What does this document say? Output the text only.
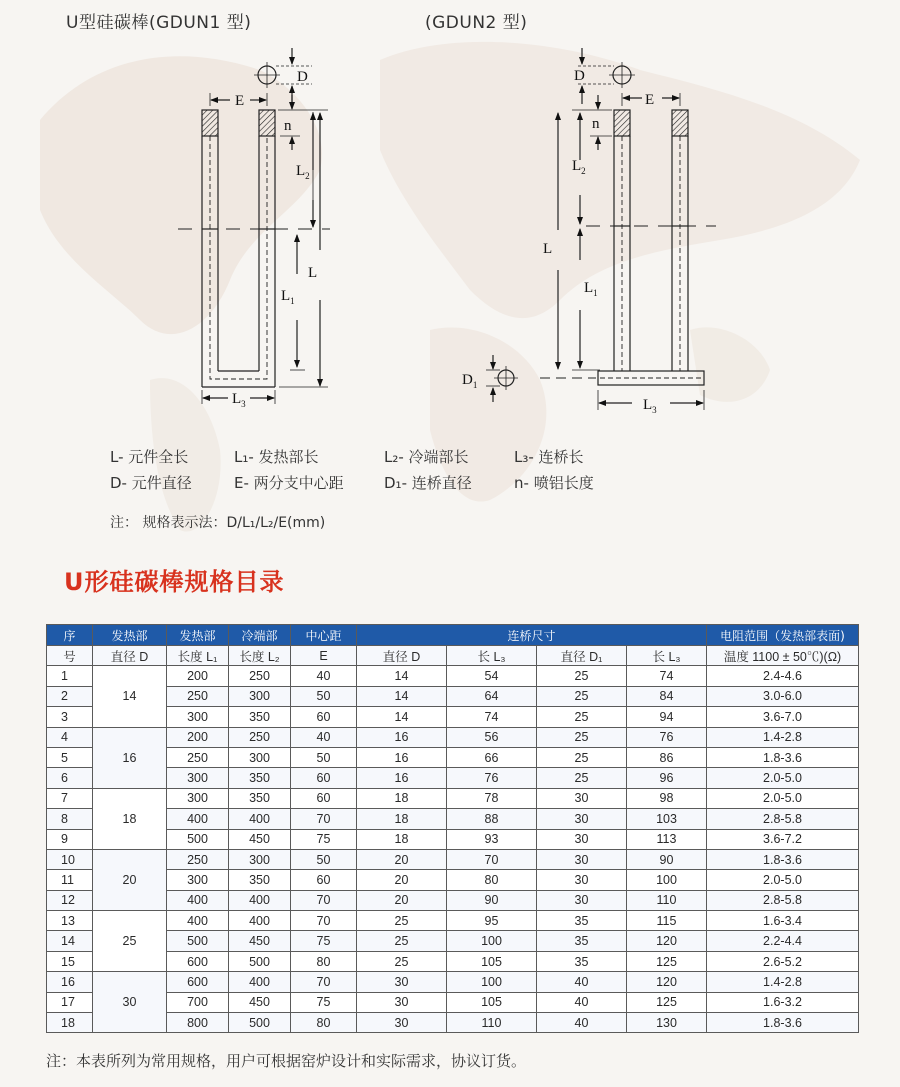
U型硅碳棒(GDUN1 型)	(GDUN2 型)
D
E
n
$L_2$
$L_1$
L
$L_3$
D
E
n
$L_2$
$L_1$
L
$D_1$
$L_3$
L- 元件全长	L₁- 发热部长	L₂- 冷端部长	L₃- 连桥长
D- 元件直径	E- 两分支中心距	D₁- 连桥直径	n- 喷铝长度
注： 规格表示法：D/L₁/L₂/E(mm)
U形硅碳棒规格目录
序	发热部	发热部	冷端部	中心距	连桥尺寸				电阻范围（发热部表面)
号	直径 D	长度 L₁	长度 L₂	E	直径 D	长 L₃	直径 D₁	长 L₃	温度 1100 ± 50℃)(Ω)
1	14	200	250	40	14	54	25	74	2.4-4.6
2		250	300	50	14	64	25	84	3.0-6.0
3		300	350	60	14	74	25	94	3.6-7.0
4	16	200	250	40	16	56	25	76	1.4-2.8
5		250	300	50	16	66	25	86	1.8-3.6
6		300	350	60	16	76	25	96	2.0-5.0
7	18	300	350	60	18	78	30	98	2.0-5.0
8		400	400	70	18	88	30	103	2.8-5.8
9		500	450	75	18	93	30	113	3.6-7.2
10	20	250	300	50	20	70	30	90	1.8-3.6
11		300	350	60	20	80	30	100	2.0-5.0
12		400	400	70	20	90	30	110	2.8-5.8
13	25	400	400	70	25	95	35	115	1.6-3.4
14		500	450	75	25	100	35	120	2.2-4.4
15		600	500	80	25	105	35	125	2.6-5.2
16	30	600	400	70	30	100	40	120	1.4-2.8
17		700	450	75	30	105	40	125	1.6-3.2
18		800	500	80	30	110	40	130	1.8-3.6
注：本表所列为常用规格，用户可根据窑炉设计和实际需求，协议订货。
